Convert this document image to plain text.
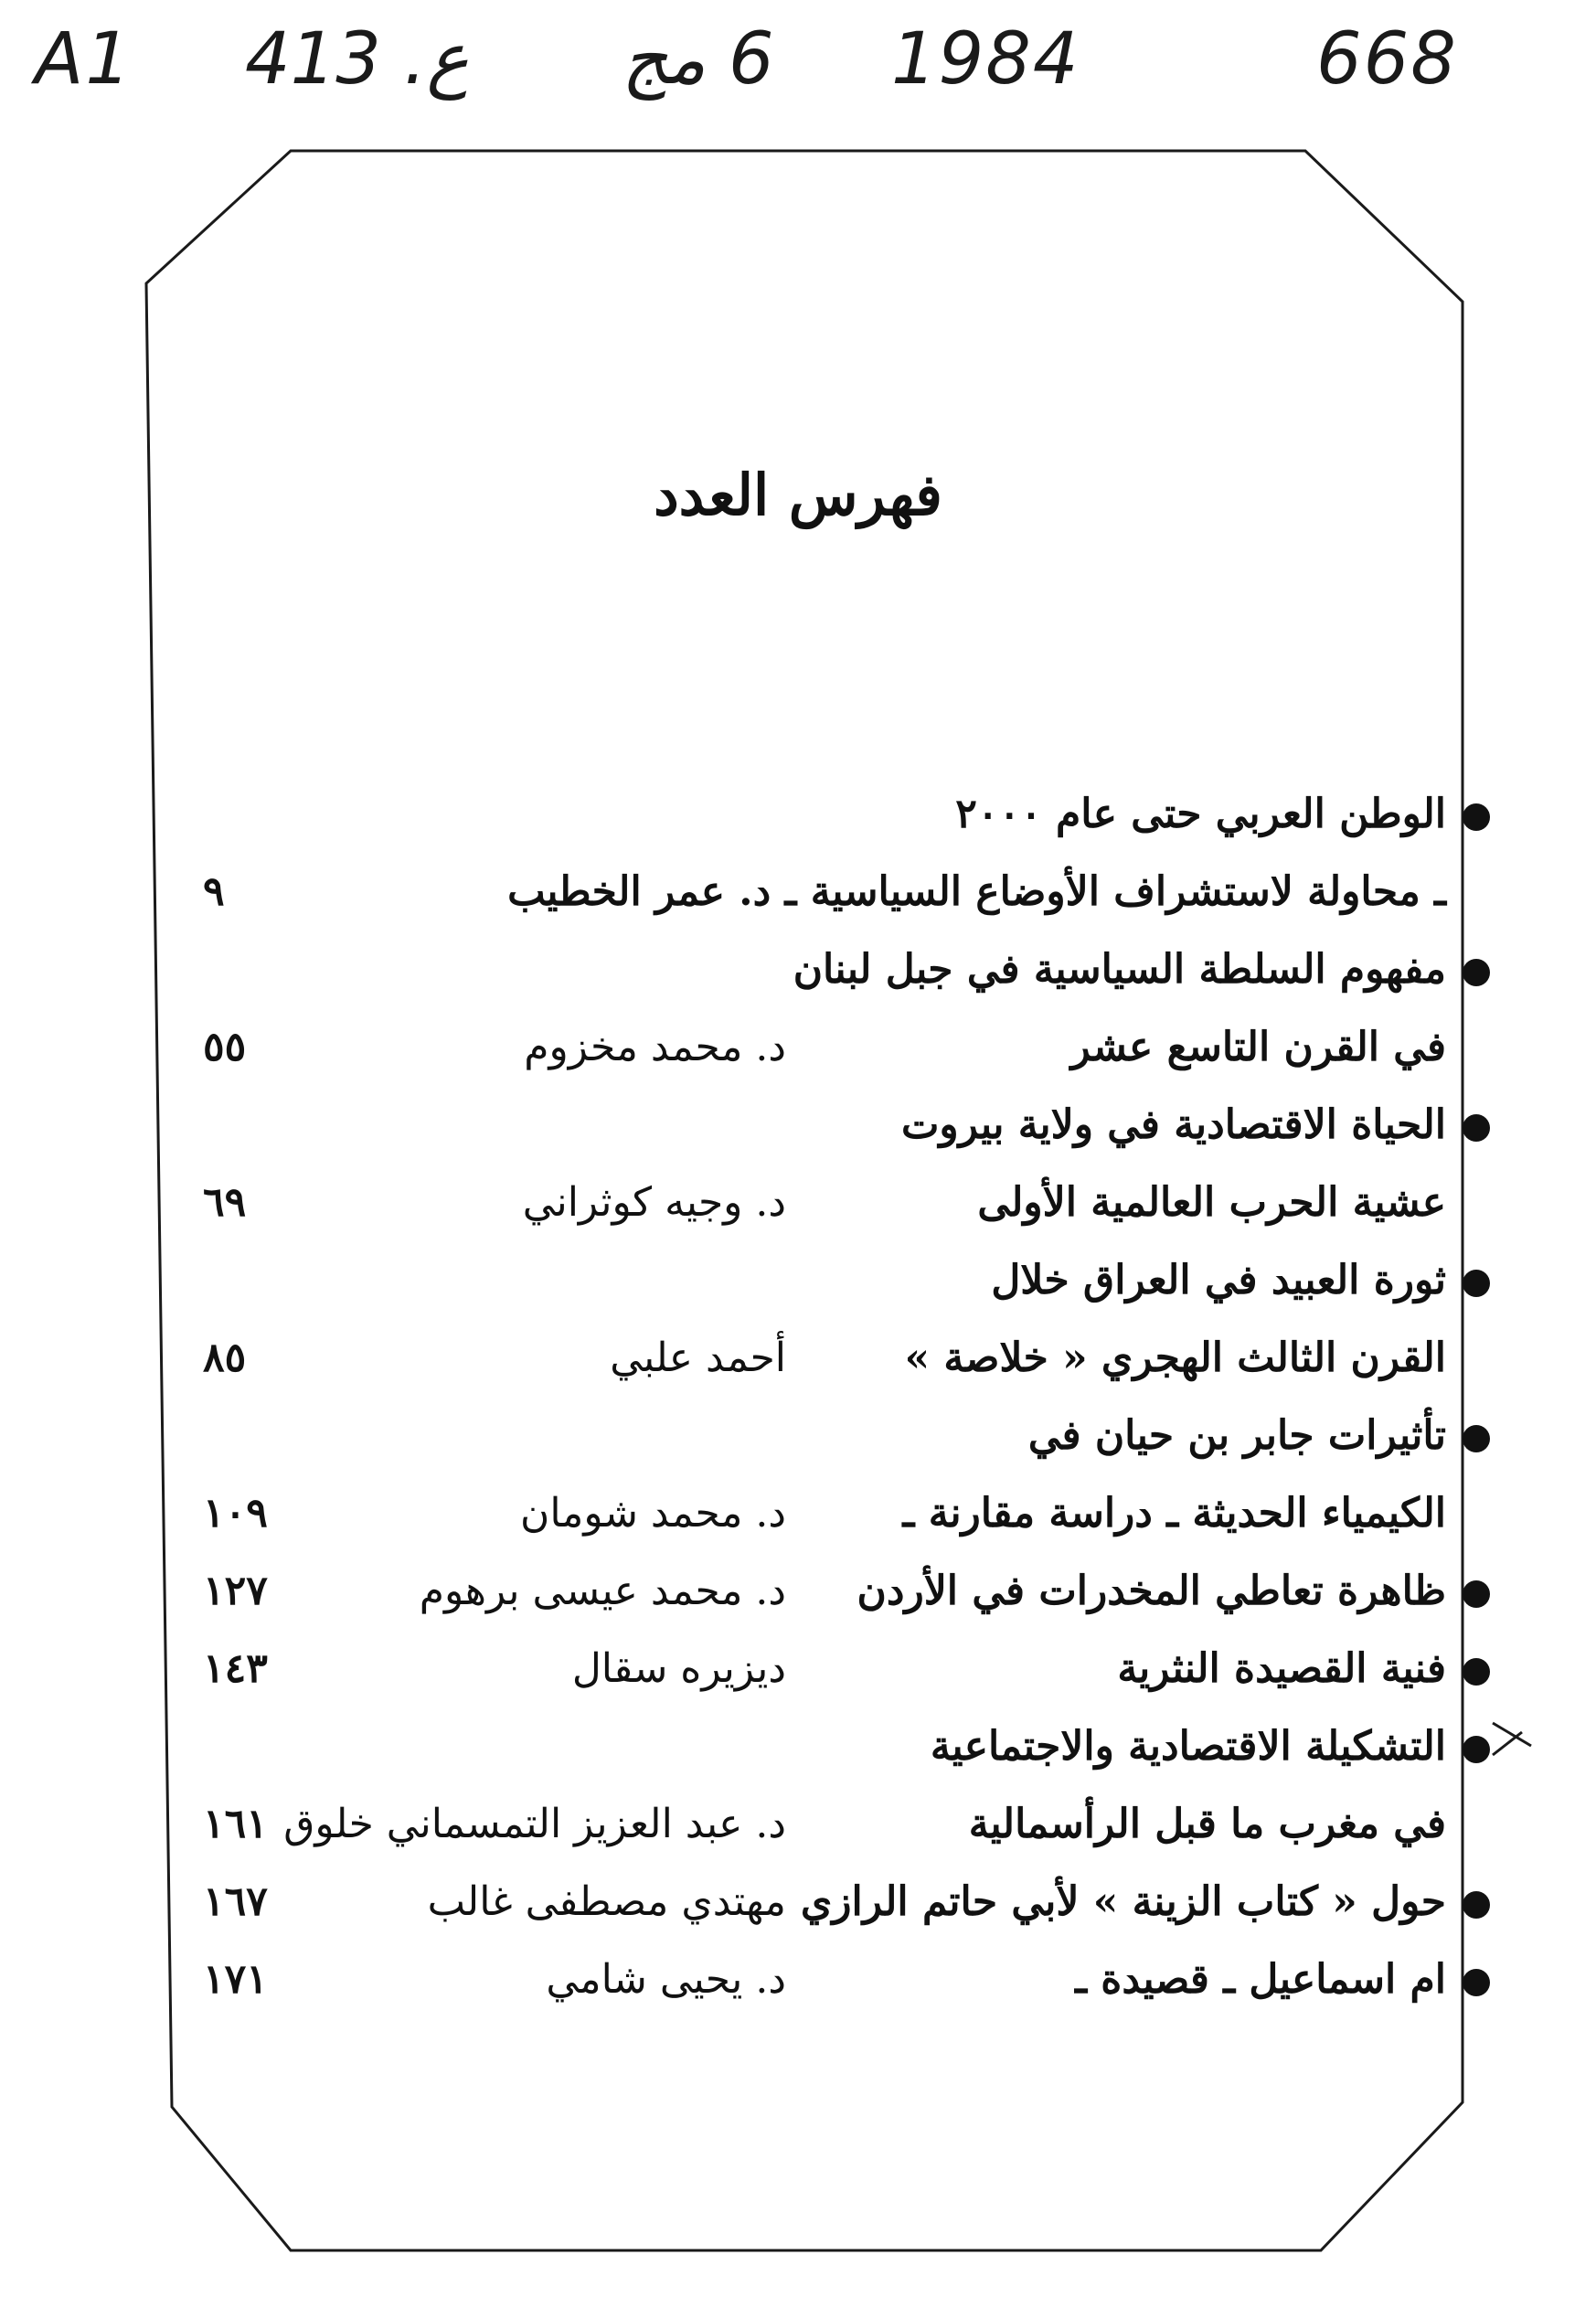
A1 413 .ع 6 مج 1984	668
فهرس العدد
الوطن العربي حتى عام ٢٠٠٠
ـ محاولة لاستشراف الأوضاع السياسية ـ د. عمر الخطيب
٩
مفهوم السلطة السياسية في جبل لبنان
في القرن التاسع عشر
د. محمد مخزوم
٥٥
الحياة الاقتصادية في ولاية بيروت
عشية الحرب العالمية الأولى
د. وجيه كوثراني
٦٩
ثورة العبيد في العراق خلال
القرن الثالث الهجري « خلاصة »
أحمد علبي
٨٥
تأثيرات جابر بن حيان في
الكيمياء الحديثة ـ دراسة مقارنة ـ
د. محمد شومان
١٠٩
ظاهرة تعاطي المخدرات في الأردن
د. محمد عيسى برهوم
١٢٧
فنية القصيدة النثرية
ديزيره سقال
١٤٣
التشكيلة الاقتصادية والاجتماعية
في مغرب ما قبل الرأسمالية
د. عبد العزيز التمسماني خلوق
١٦١
حول « كتاب الزينة » لأبي حاتم الرازي
مهتدي مصطفى غالب
١٦٧
ام اسماعيل ـ قصيدة ـ
د. يحيى شامي
١٧١
